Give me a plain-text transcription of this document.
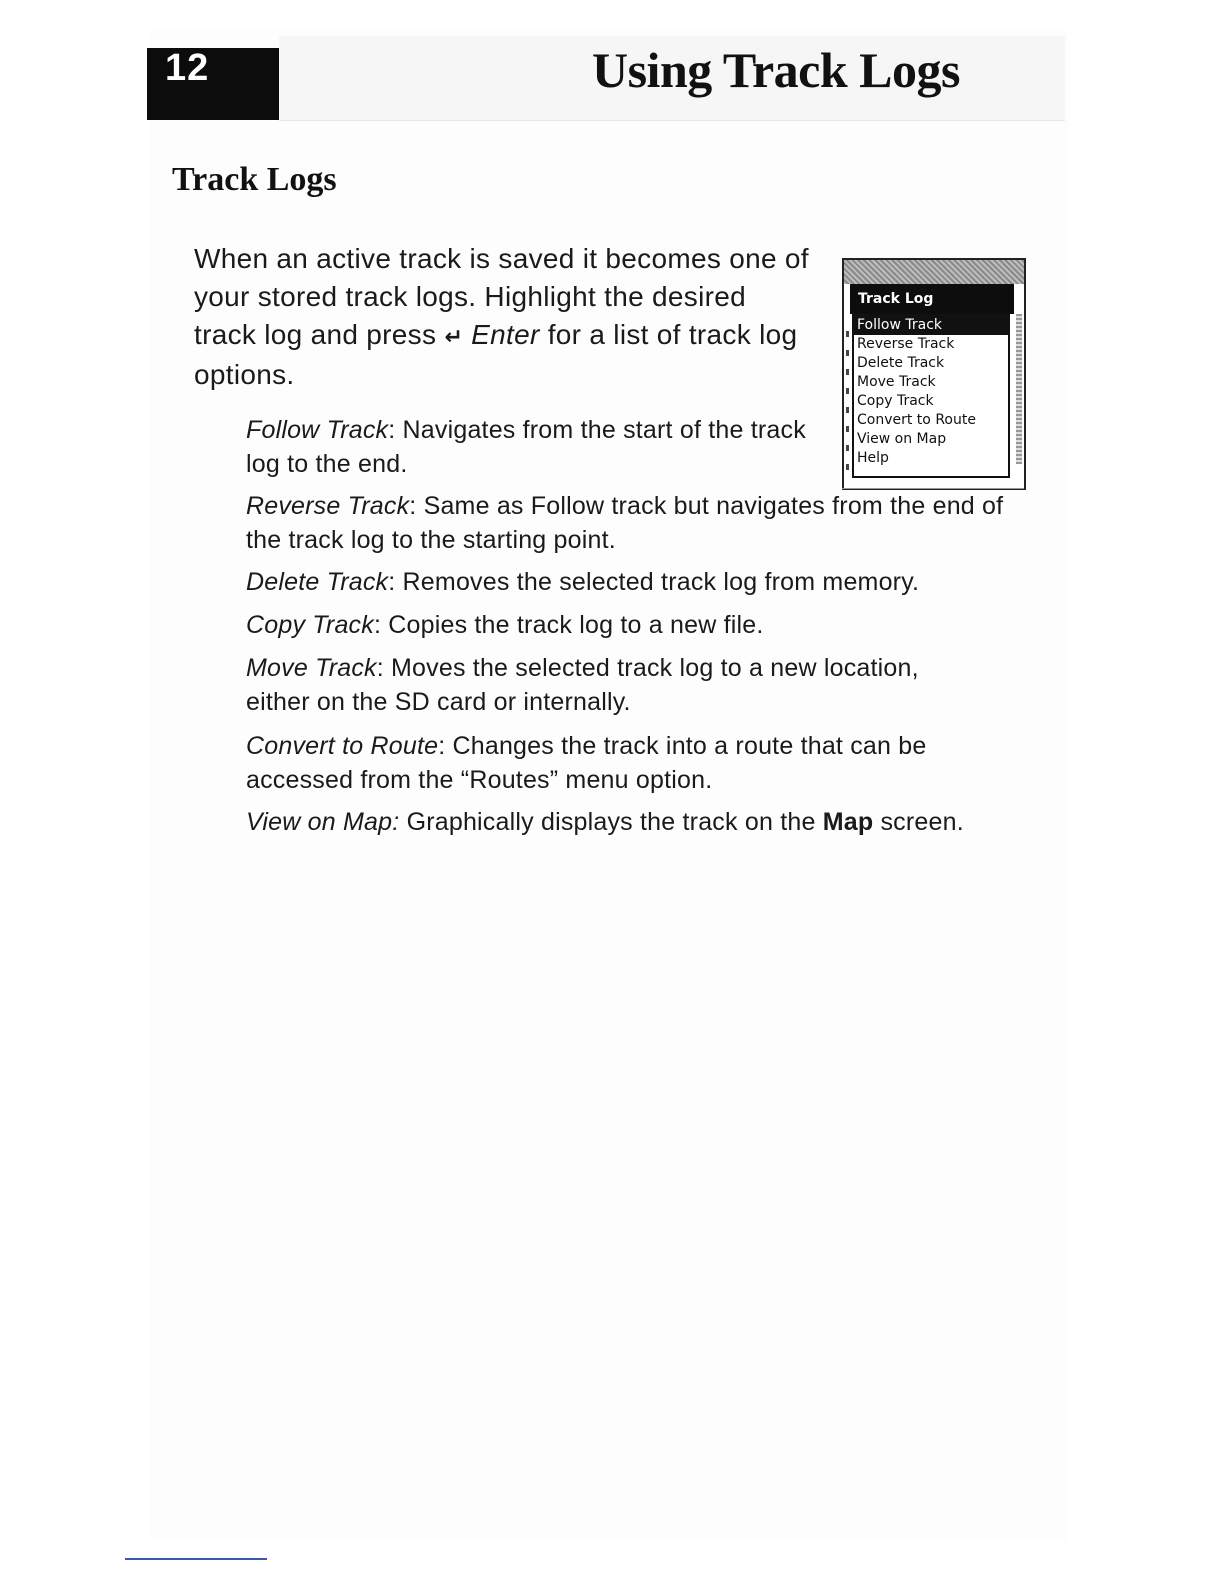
12	Using Track Logs
Track Logs

When an active track is saved it becomes one of your stored track logs. Highlight the desired track log and press ↵ Enter for a list of track log options.

Follow Track: Navigates from the start of the track log to the end.

Reverse Track: Same as Follow track but navigates from the end of the track log to the starting point.

Delete Track: Removes the selected track log from memory.

Copy Track: Copies the track log to a new file.

Move Track: Moves the selected track log to a new location, either on the SD card or internally.

Convert to Route: Changes the track into a route that can be accessed from the “Routes” menu option.

View on Map: Graphically displays the track on the Map screen.

Track Log
Follow Track
Reverse Track
Delete Track
Move Track
Copy Track
Convert to Route
View on Map
Help
